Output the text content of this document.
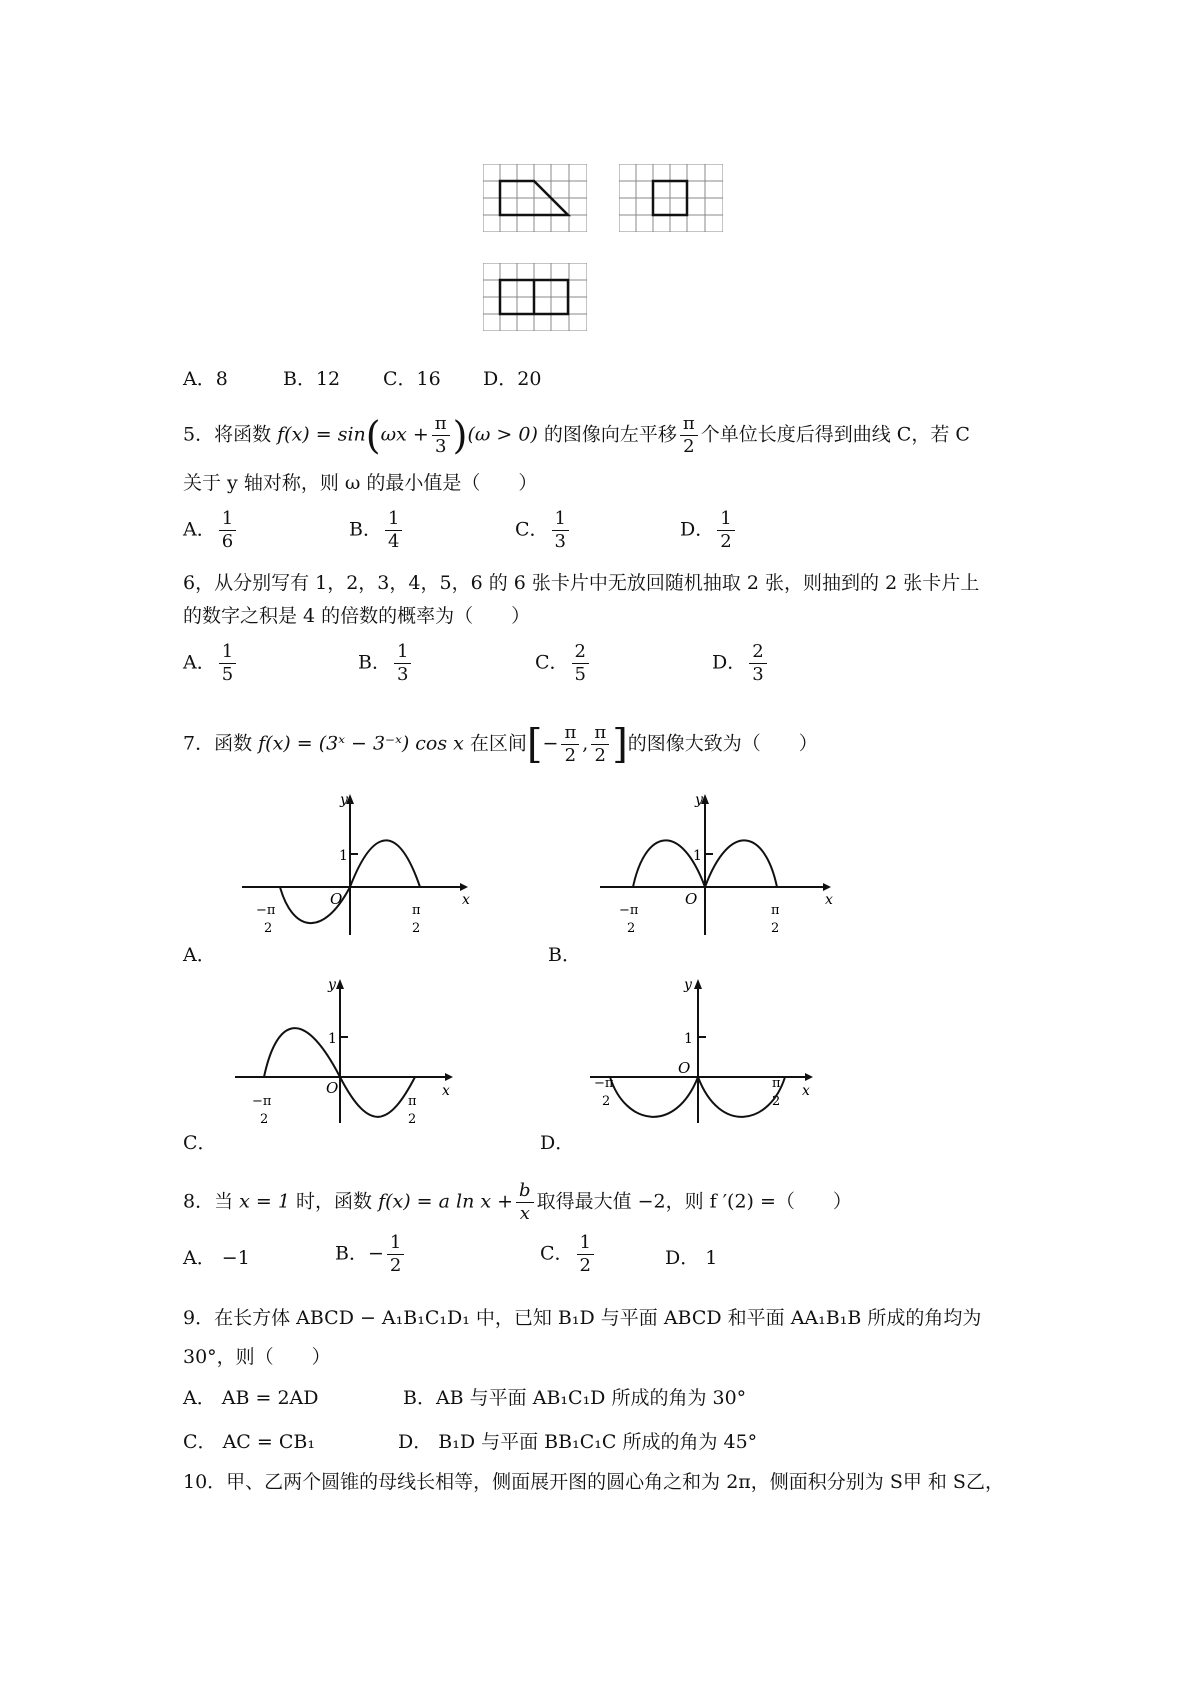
A．8	B．12 C．16 D．20
5．将函数 $f(x) = \sin(\omega x + \frac{\pi}{3} )(\omega > 0)$ 的图像向左平移 $\frac{\pi}{2}$ 个单位长度后得到曲线 C，若 C
关于 y 轴对称，则 ω 的最小值是（　　）
A． $\frac{1}{6}$	B． $\frac{1}{4}$	C． $\frac{1}{3}$	D． $\frac{1}{2}$
6，从分别写有 1，2，3，4，5，6 的 6 张卡片中无放回随机抽取 2 张，则抽到的 2 张卡片上
的数字之积是 4 的倍数的概率为（　　）
A． $\frac{1}{5}$	B． $\frac{1}{3}$	C． $\frac{2}{5}$	D． $\frac{2}{3}$
7．函数 f(x) = (3ˣ − 3⁻ˣ) cos x 在区间[− $\frac{\pi}{2}$ , $\frac{\pi}{2}$ ]的图像大致为（　　）
y
x
O
1
−π
2
π
2
A．
y
x
O
1
−π
2
π
2
B．
y
x
O
1
−π
2
π
2
C．
y
x
O
1
−π
2
π
2
D．
8．当 x = 1 时，函数 f(x) = a $\ln x + \frac{b}{x}$ 取得最大值 −2，则 f ′(2) =（　　）
A． −1	B．− $\frac{1}{2}$	C． $\frac{1}{2}$	D． 1
9．在长方体 ABCD − A₁B₁C₁D₁ 中，已知 B₁D 与平面 ABCD 和平面 AA₁B₁B 所成的角均为
30°，则（　　）
A． AB = 2AD	B．AB 与平面 AB₁C₁D 所成的角为 30°
C． AC = CB₁	D． B₁D 与平面 BB₁C₁C 所成的角为 45°
10．甲、乙两个圆锥的母线长相等，侧面展开图的圆心角之和为 2π，侧面积分别为 S甲 和 S乙，
